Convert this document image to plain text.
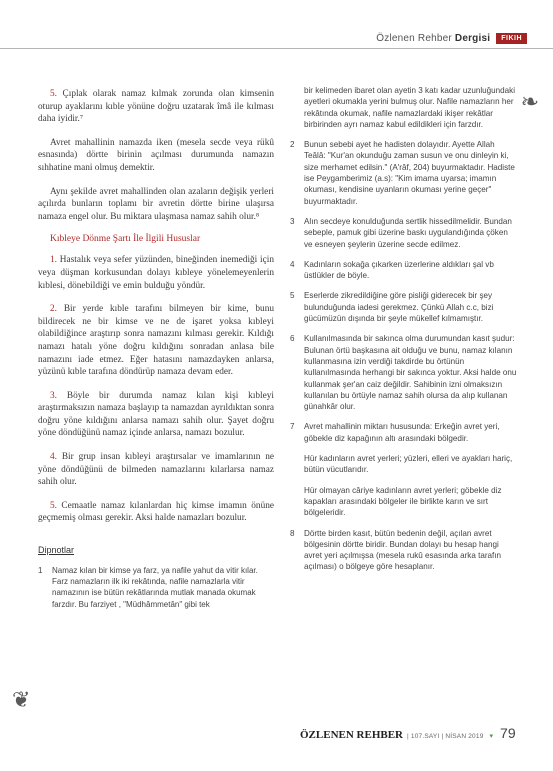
Özlenen Rehber Dergisi	FIKIH
❧
❦

5. Çıplak olarak namaz kılmak zorunda olan kimsenin oturup ayaklarını kıble yönüne doğru uzatarak îmâ ile kılması daha iyidir.⁷

Avret mahallinin namazda iken (mesela secde veya rükû esnasında) dörtte birinin açılması durumunda namazın sıhhatine mani olmuş demektir.

Aynı şekilde avret mahallinden olan azaların değişik yerleri açılırda bunların toplamı bir avretin dörtte birine ulaşırsa namaza engel olur. Bu miktara ulaşmasa namaz sahih olur.⁸

Kıbleye Dönme Şartı İle İlgili Hususlar

1. Hastalık veya sefer yüzünden, bineğinden inemediği için veya düşman korkusundan dolayı kıbleye yönelemeyenlerin kıblesi, dönebildiği ve emin bulduğu yöndür.

2. Bir yerde kıble tarafını bilmeyen bir kime, bunu bildirecek ne bir kimse ve ne de işaret yoksa kıbleyi olabildiğince araştırıp sonra namazını kılması gerekir. Kıldığı namazı hatalı yöne doğru kıldığını sonradan anlasa bile namazını iade etmez. Eğer hatasını namazdayken anlarsa, yüzünü kıble tarafına döndürüp namaza devam eder.

3. Böyle bir durumda namaz kılan kişi kıbleyi araştırmaksızın namaza başlayıp ta namazdan ayrıldıktan sonra doğru yöne kıldığını anlarsa namazı sahih olur. Şayet doğru yöne döndüğünü namaz içinde anlarsa, namazı bozulur.

4. Bir grup insan kıbleyi araştırsalar ve imamlarının ne yöne döndüğünü de bilmeden namazlarını kılarlarsa namaz sahih olur.

5. Cemaatle namaz kılanlardan hiç kimse imamın önüne geçmemiş olması gerekir. Aksi halde namazları bozulur.

Dipnotlar
1	Namaz kılan bir kimse ya farz, ya nafile yahut da vitir kılar. Farz namazların ilk iki rekâtında, nafile namazlarla vitir namazının ise bütün rekâtlarında mutlak manada okumak farzdır. Bu farziyet , "Müdhâmmetân" gibi tek
bir kelimeden ibaret olan ayetin 3 katı kadar uzunluğundaki ayetleri okumakla yerini bulmuş olur. Nafile namazların her rekâtında okumak, nafile namazlardaki ikişer rekâtlar birbirinden ayrı namaz kabul edildikleri için farzdır.
2	Bunun sebebi ayet he hadisten dolayıdır. Ayette Allah Teâlâ: "Kur'an okunduğu zaman susun ve onu dinleyin ki, size merhamet edilsin." (A'râf, 204) buyurmaktadır. Hadiste ise Peygamberimiz (a.s): "Kim imama uyarsa; imamın okuması, kendisine uyanların okuması yerine geçer" buyurmaktadır.
3	Alın secdeye konulduğunda sertlik hissedilmelidir. Bundan sebeple, pamuk gibi üzerine baskı uygulandığında çöken ve esneyen şeylerin üzerine secde edilmez.
4	Kadınların sokağa çıkarken üzerlerine aldıkları şal vb üstlükler de böyle.
5	Eserlerde zikredildiğine göre pisliği giderecek bir şey bulunduğunda iadesi gerekmez. Çünkü Allah c.c, bizi gücümüzün dışında bir şeyle mükellef kılmamıştır.
6	Kullanılmasında bir sakınca olma durumundan kasıt şudur: Bulunan örtü başkasına ait olduğu ve bunu, namaz kılanın kullanmasına izin verdiği takdirde bu örtünün kullanılmasında herhangi bir sakınca yoktur. Aksi halde onu kullanmak şer'an caiz değildir. Sahibinin izni olmaksızın kullanılan bu örtüyle namaz sahih olursa da alıp kullanan günahkâr olur.
7	Avret mahallinin miktarı hususunda: Erkeğin avret yeri, göbekle diz kapağının altı arasındaki bölgedir.
Hür kadınların avret yerleri; yüzleri, elleri ve ayakları hariç, bütün vücutlarıdır.
Hür olmayan câriye kadınların avret yerleri; göbekle diz kapakları arasındaki bölgeler ile birlikte karın ve sırt bölgeleridir.
8	Dörtte birden kasıt, bütün bedenin değil, açılan avret bölgesinin dörtte biridir. Bundan dolayı bu hesap hangi avret yeri açılmışsa (mesela rukû esasında arka tarafın açılması) o bölgeye göre hesaplanır.
ÖZLENEN REHBER | 107.SAYI | NİSAN 2019 ▾ 79
